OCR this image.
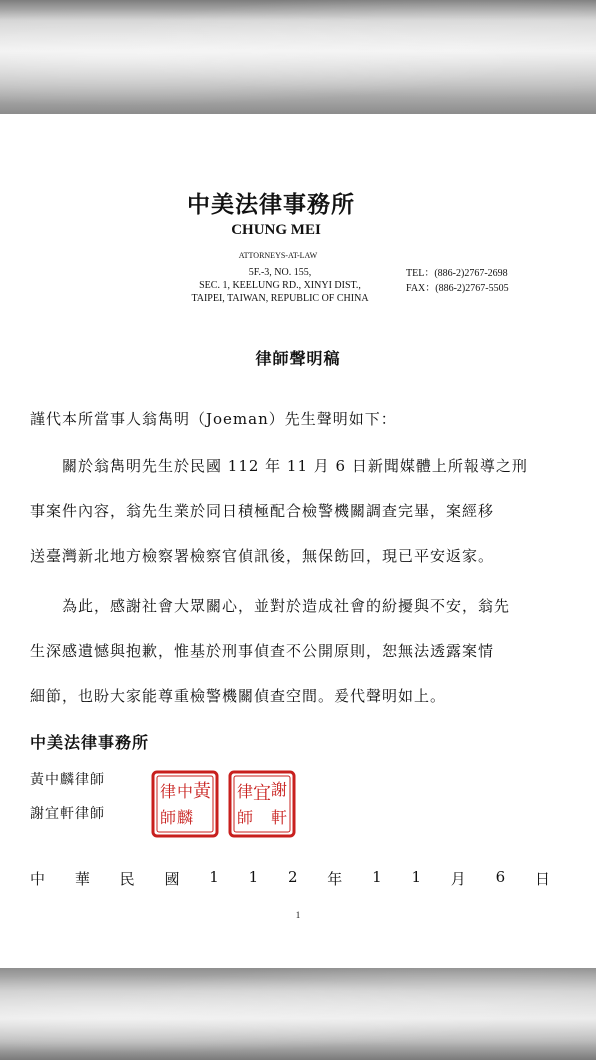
中美法律事務所
CHUNG MEI
ATTORNEYS-AT-LAW
5F.-3, NO. 155,
SEC. 1, KEELUNG RD., XINYI DIST.,
TAIPEI, TAIWAN, REPUBLIC OF CHINA
TEL：(886-2)2767-2698
FAX：(886-2)2767-5505
律師聲明稿
謹代本所當事人翁雋明（Joeman）先生聲明如下：
關於翁雋明先生於民國 112 年 11 月 6 日新聞媒體上所報導之刑
事案件內容，翁先生業於同日積極配合檢警機關調查完畢，案經移
送臺灣新北地方檢察署檢察官偵訊後，無保飭回，現已平安返家。
為此，感謝社會大眾關心，並對於造成社會的紛擾與不安，翁先
生深感遺憾與抱歉，惟基於刑事偵查不公開原則，恕無法透露案情
細節，也盼大家能尊重檢警機關偵查空間。爰代聲明如上。
中美法律事務所
黃中麟律師
謝宜軒律師
黃
中
麟
律
師
謝
宜
軒
律
師
中 華 民 國 1 1 2 年 1 1 月 6 日
1
